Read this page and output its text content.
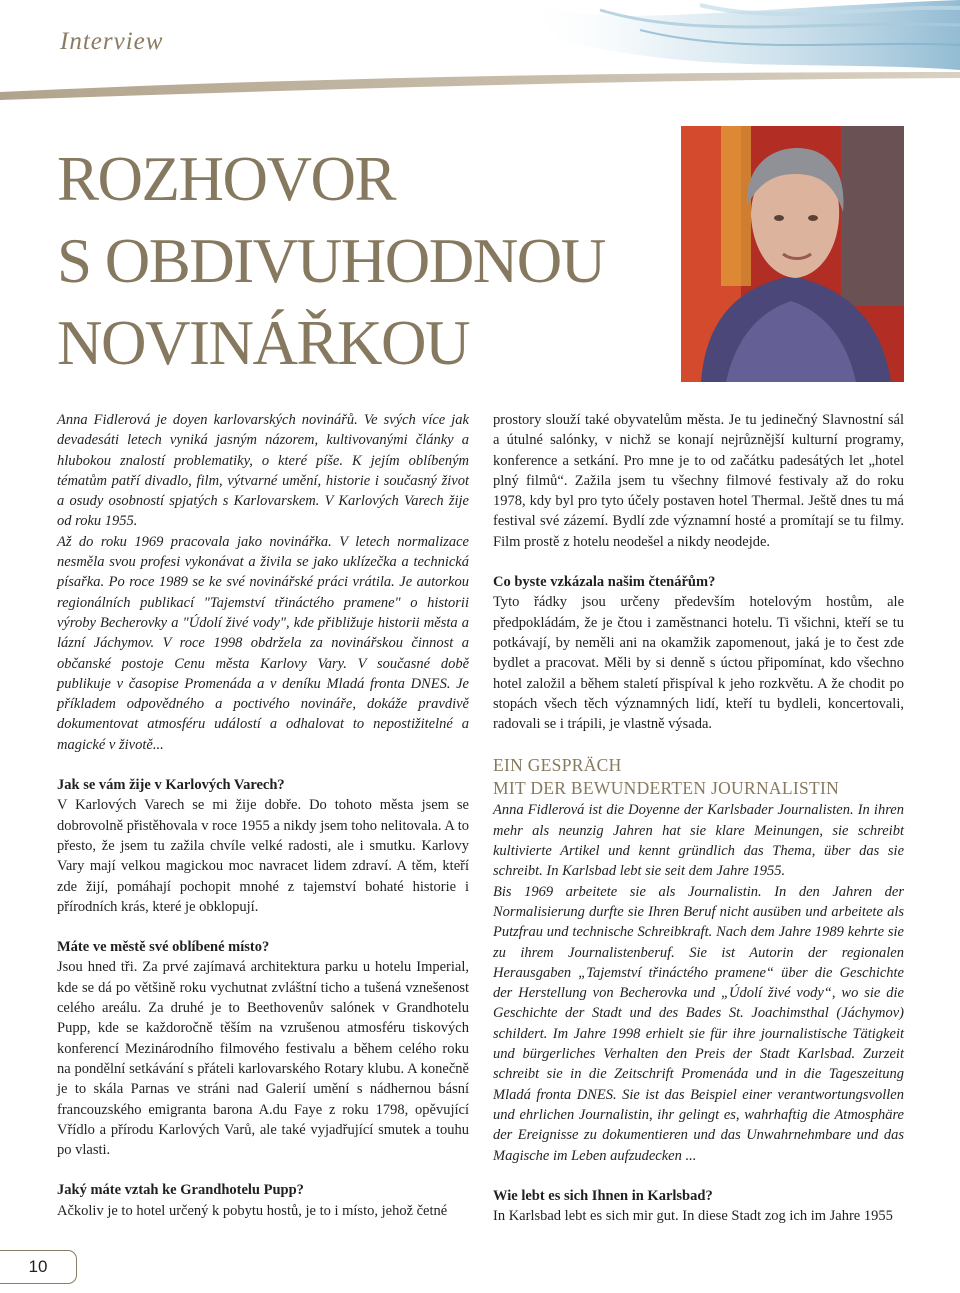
Interview
ROZHOVOR
S OBDIVUHODNOU
NOVINÁŘKOU

Anna Fidlerová je doyen karlovarských novinářů. Ve svých více jak devadesáti letech vyniká jasným názorem, kultivovanými články a hlubokou znalostí problematiky, o které píše. K jejím oblíbeným tématům patří divadlo, film, výtvarné umění, historie i současný život a osudy osobností spjatých s Karlovarskem. V Karlových Varech žije od roku 1955.

Až do roku 1969 pracovala jako novinářka. V letech normalizace nesměla svou profesi vykonávat a živila se jako uklízečka a technická písařka. Po roce 1989 se ke své novinářské práci vrátila. Je autorkou regionálních publikací "Tajemství třináctého pramene" o historii výroby Becherovky a "Údolí živé vody", kde přibližuje historii města a lázní Jáchymov. V roce 1998 obdržela za novinářskou činnost a občanské postoje Cenu města Karlovy Vary. V současné době publikuje v časopise Promenáda a v deníku Mladá fronta DNES. Je příkladem odpovědného a poctivého novináře, dokáže pravdivě dokumentovat atmosféru událostí a odhalovat to nepostižitelné a magické v životě...

Jak se vám žije v Karlových Varech?

V Karlových Varech se mi žije dobře. Do tohoto města jsem se dobrovolně přistěhovala v roce 1955 a nikdy jsem toho nelitovala. A to přesto, že jsem tu zažila chvíle velké radosti, ale i smutku. Karlovy Vary mají velkou magickou moc navracet lidem zdraví. A těm, kteří zde žijí, pomáhají pochopit mnohé z tajemství bohaté historie i přírodních krás, které je obklopují.

Máte ve městě své oblíbené místo?

Jsou hned tři. Za prvé zajímavá architektura parku u hotelu Imperial, kde se dá po většině roku vychutnat zvláštní ticho a tušená vznešenost celého areálu. Za druhé je to Beethovenův salónek v Grandhotelu Pupp, kde se každoročně těším na vzrušenou atmosféru tiskových konferencí Mezinárodního filmového festivalu a během celého roku na pondělní setkávání s přáteli karlovarského Rotary klubu. A konečně je to skála Parnas ve stráni nad Galerií umění s nádhernou básní francouzského emigranta barona A.du Faye z roku 1798, opěvující Vřídlo a přírodu Karlových Varů, ale také vyjadřující smutek a touhu po vlasti.

Jaký máte vztah ke Grandhotelu Pupp?

Ačkoliv je to hotel určený k pobytu hostů, je to i místo, jehož četné

prostory slouží také obyvatelům města. Je tu jedinečný Slavnostní sál a útulné salónky, v nichž se konají nejrůznější kulturní programy, konference a setkání. Pro mne je to od začátku padesátých let „hotel plný filmů“. Zažila jsem tu všechny filmové festivaly až do roku 1978, kdy byl pro tyto účely postaven hotel Thermal. Ještě dnes tu má festival své zázemí. Bydlí zde významní hosté a promítají se tu filmy. Film prostě z hotelu neodešel a nikdy neodejde.

Co byste vzkázala našim čtenářům?

Tyto řádky jsou určeny především hotelovým hostům, ale předpokládám, že je čtou i zaměstnanci hotelu. Ti všichni, kteří se tu potkávají, by neměli ani na okamžik zapomenout, jaká je to čest zde bydlet a pracovat. Měli by si denně s úctou připomínat, kdo všechno hotel založil a během staletí přispíval k jeho rozkvětu. A že chodit po stopách všech těch významných lidí, kteří tu bydleli, koncertovali, radovali se i trápili, je vlastně výsada.

EIN GESPRÄCH

MIT DER BEWUNDERTEN JOURNALISTIN

Anna Fidlerová ist die Doyenne der Karlsbader Journalisten. In ihren mehr als neunzig Jahren hat sie klare Meinungen, sie schreibt kultivierte Artikel und kennt gründlich das Thema, über das sie schreibt. In Karlsbad lebt sie seit dem Jahre 1955.

Bis 1969 arbeitete sie als Journalistin. In den Jahren der Normalisierung durfte sie Ihren Beruf nicht ausüben und arbeitete als Putzfrau und technische Schreibkraft. Nach dem Jahre 1989 kehrte sie zu ihrem Journalistenberuf. Sie ist Autorin der regionalen Herausgaben „Tajemství třináctého pramene“ über die Geschichte der Herstellung von Becherovka und „Údolí živé vody“, wo sie die Geschichte der Stadt und des Bades St. Joachimsthal (Jáchymov) schildert. Im Jahre 1998 erhielt sie für ihre journalistische Tätigkeit und bürgerliches Verhalten den Preis der Stadt Karlsbad. Zurzeit schreibt sie in die Zeitschrift Promenáda und in die Tageszeitung Mladá fronta DNES. Sie ist das Beispiel einer verantwortungsvollen und ehrlichen Journalistin, ihr gelingt es, wahrhaftig die Atmosphäre der Ereignisse zu dokumentieren und das Unwahrnehmbare und das Magische im Leben aufzudecken ...

Wie lebt es sich Ihnen in Karlsbad?

In Karlsbad lebt es sich mir gut. In diese Stadt zog ich im Jahre 1955

10
